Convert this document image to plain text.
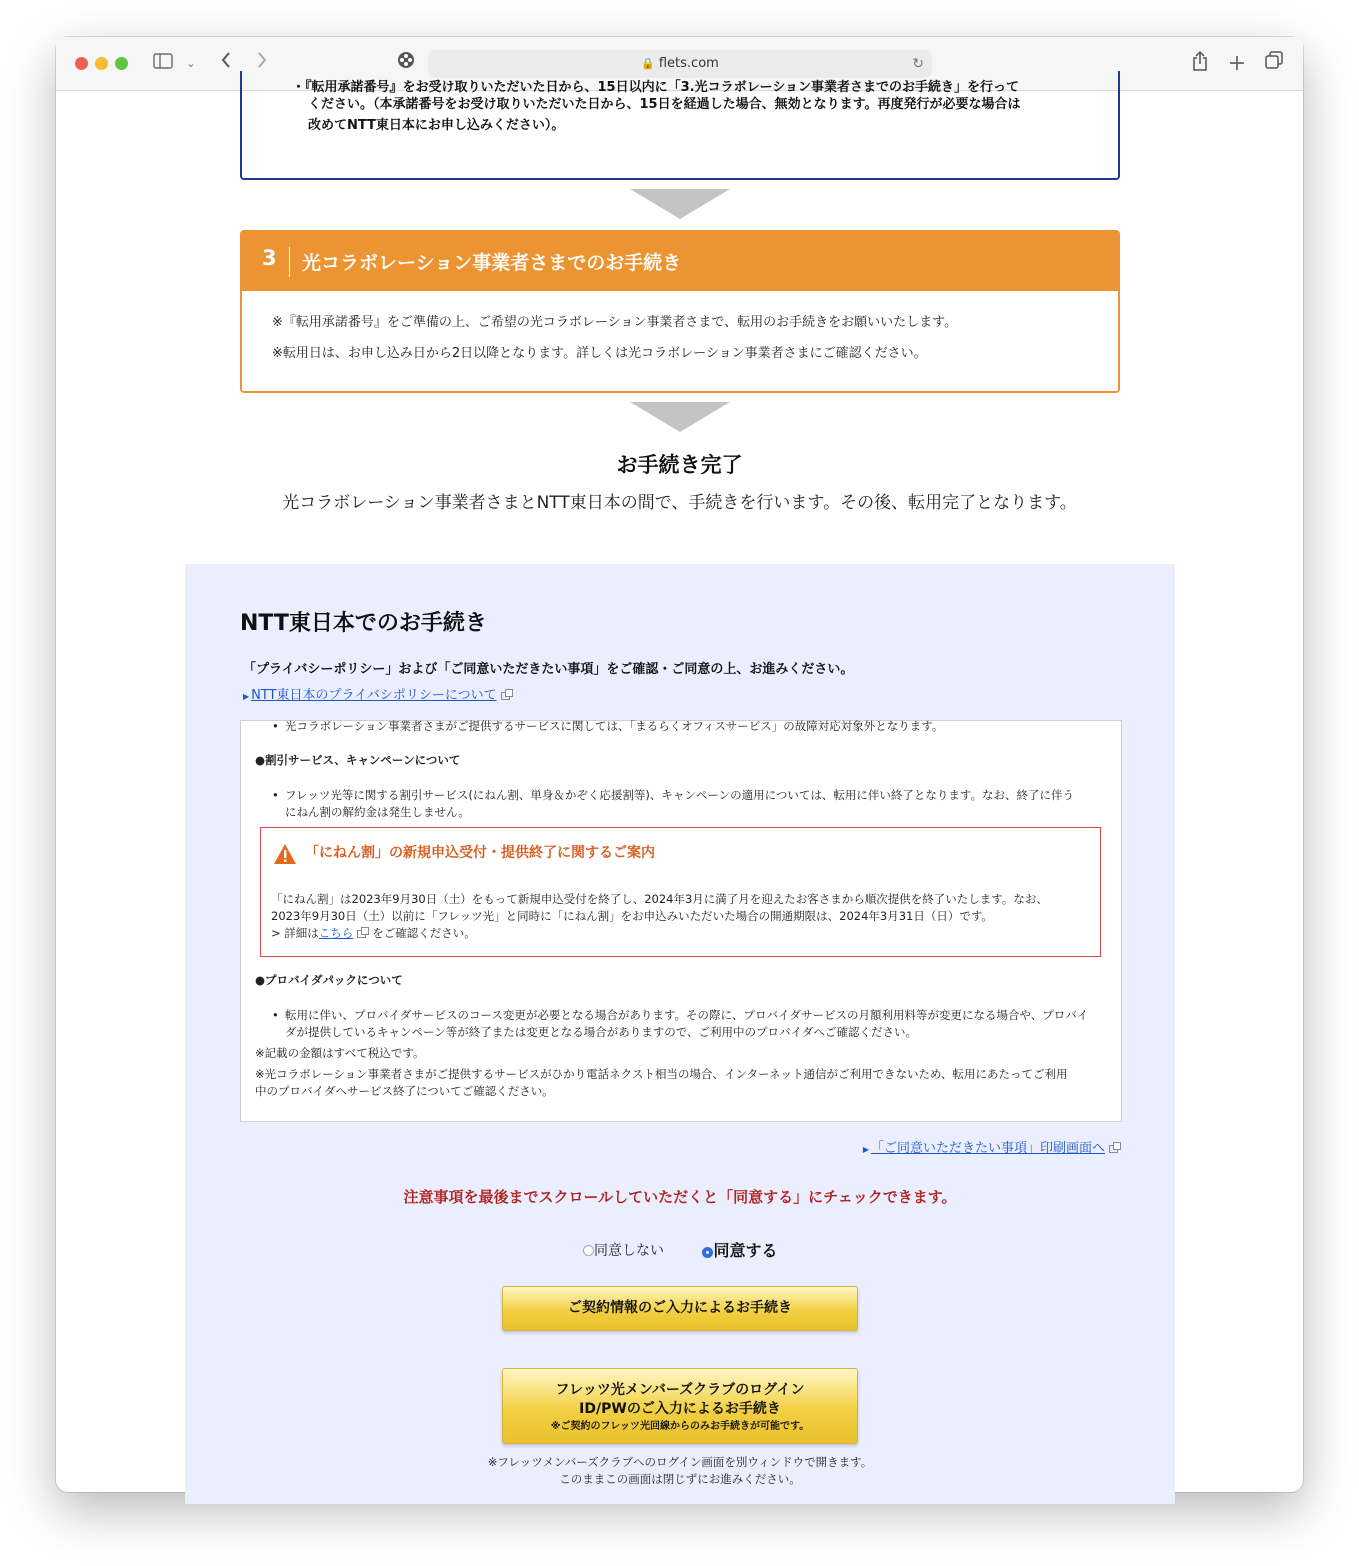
⌄	🔒 flets.com	↻	+
・『転用承諾番号』をお受け取りいただいた日から、15日以内に「3.光コラボレーション事業者さまでのお手続き」を行って
ください。（本承諾番号をお受け取りいただいた日から、15日を経過した場合、無効となります。再度発行が必要な場合は
改めてNTT東日本にお申し込みください）。
3 光コラボレーション事業者さまでのお手続き

※『転用承諾番号』をご準備の上、ご希望の光コラボレーション事業者さまで、転用のお手続きをお願いいたします。

※転用日は、お申し込み日から2日以降となります。詳しくは光コラボレーション事業者さまにご確認ください。

お手続き完了
光コラボレーション事業者さまとNTT東日本の間で、手続きを行います。その後、転用完了となります。
NTT東日本でのお手続き
「プライバシーポリシー」および「ご同意いただきたい事項」をご確認・ご同意の上、お進みください。
▶ NTT東日本のプライバシポリシーについて
• 光コラボレーション事業者さまがご提供するサービスに関しては、「まるらくオフィスサービス」の故障対応対象外となります。
●割引サービス、キャンペーンについて
• フレッツ光等に関する割引サービス(にねん割、単身＆かぞく応援割等)、キャンペーンの適用については、転用に伴い終了となります。なお、終了に伴う
にねん割の解約金は発生しません。
「にねん割」の新規申込受付・提供終了に関するご案内
「にねん割」は2023年9月30日（土）をもって新規申込受付を終了し、2024年3月に満了月を迎えたお客さまから順次提供を終了いたします。なお、
2023年9月30日（土）以前に「フレッツ光」と同時に「にねん割」をお申込みいただいた場合の開通期限は、2024年3月31日（日）です。
> 詳細はこちら をご確認ください。
●プロバイダパックについて
• 転用に伴い、プロバイダサービスのコース変更が必要となる場合があります。その際に、プロバイダサービスの月額利用料等が変更になる場合や、プロバイ
ダが提供しているキャンペーン等が終了または変更となる場合がありますので、ご利用中のプロバイダへご確認ください。
※記載の金額はすべて税込です。
※光コラボレーション事業者さまがご提供するサービスがひかり電話ネクスト相当の場合、インターネット通信がご利用できないため、転用にあたってご利用
中のプロバイダへサービス終了についてご確認ください。
▶ 「ご同意いただきたい事項」印刷画面へ
注意事項を最後までスクロールしていただくと「同意する」にチェックできます。
同意しない	同意する
ご契約情報のご入力によるお手続き
フレッツ光メンバーズクラブのログイン
ID/PWのご入力によるお手続き
※ご契約のフレッツ光回線からのみお手続きが可能です。
※フレッツメンバーズクラブへのログイン画面を別ウィンドウで開きます。
このままこの画面は閉じずにお進みください。
